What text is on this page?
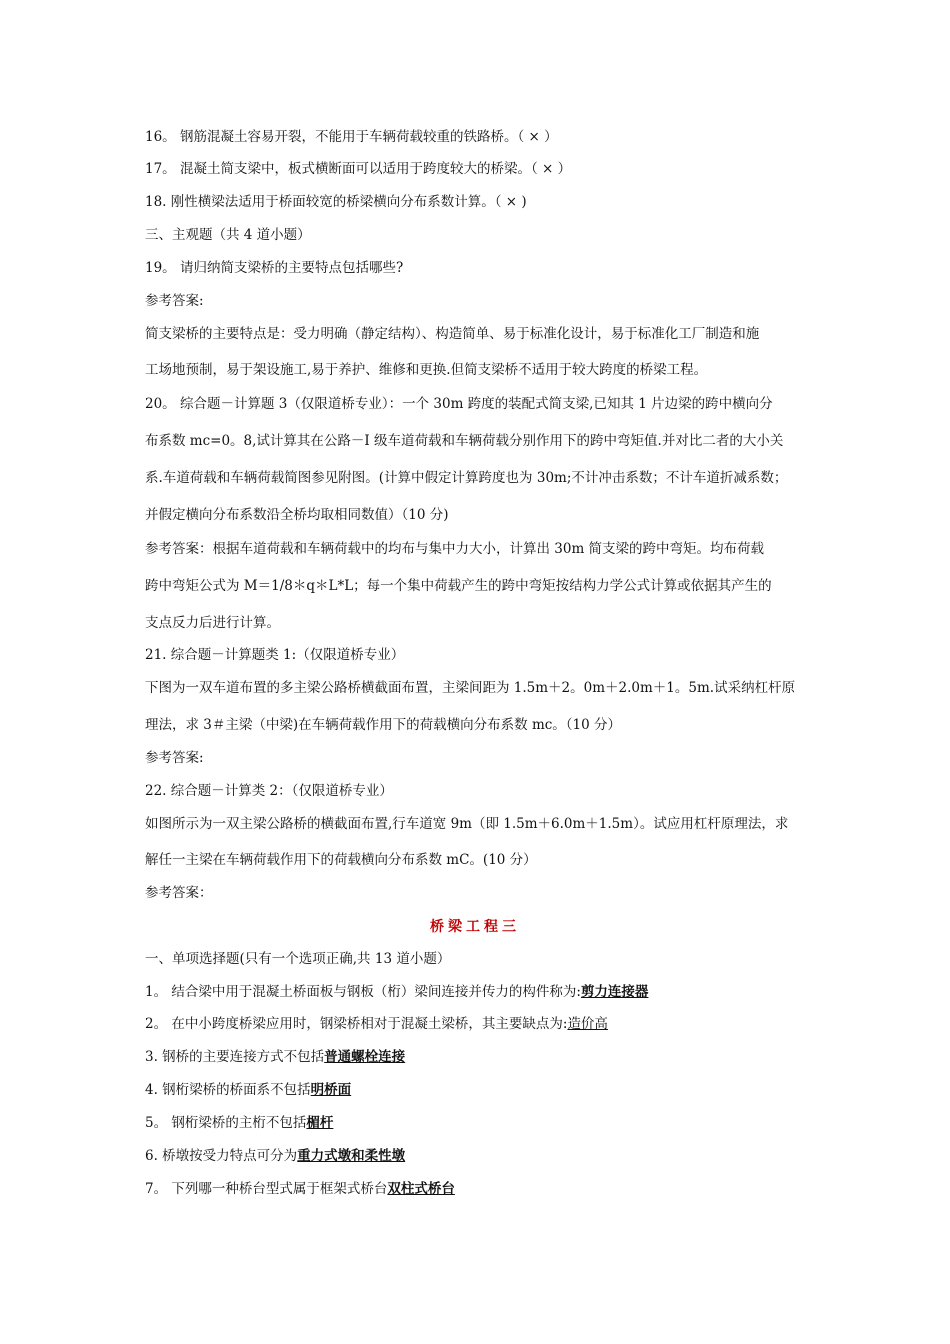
16。 钢筋混凝土容易开裂，不能用于车辆荷载较重的铁路桥。（ × ）
17。 混凝土简支梁中，板式横断面可以适用于跨度较大的桥梁。（ × ）
18. 刚性横梁法适用于桥面较宽的桥梁横向分布系数计算。（ × )
三、主观题（共 4 道小题）
19。 请归纳简支梁桥的主要特点包括哪些?
参考答案:
简支梁桥的主要特点是：受力明确（静定结构）、构造简单、易于标准化设计，易于标准化工厂制造和施
工场地预制，易于架设施工,易于养护、维修和更换.但简支梁桥不适用于较大跨度的桥梁工程。
20。 综合题－计算题 3（仅限道桥专业）：一个 30m 跨度的装配式简支梁,已知其 1 片边梁的跨中横向分
布系数 mc=0。8,试计算其在公路－I 级车道荷载和车辆荷载分别作用下的跨中弯矩值.并对比二者的大小关
系.车道荷载和车辆荷载简图参见附图。(计算中假定计算跨度也为 30m;不计冲击系数；不计车道折减系数；
并假定横向分布系数沿全桥均取相同数值）（10 分)
参考答案：根据车道荷载和车辆荷载中的均布与集中力大小，计算出 30m 简支梁的跨中弯矩。均布荷载
跨中弯矩公式为 M＝1/8＊q＊L*L；每一个集中荷载产生的跨中弯矩按结构力学公式计算或依据其产生的
支点反力后进行计算。
21. 综合题－计算题类 1:（仅限道桥专业）
下图为一双车道布置的多主梁公路桥横截面布置，主梁间距为 1.5m＋2。0m＋2.0m＋1。5m.试采纳杠杆原
理法，求 3＃主梁（中梁)在车辆荷载作用下的荷载横向分布系数 mc。（10 分）
参考答案:
22. 综合题－计算类 2：（仅限道桥专业）
如图所示为一双主梁公路桥的横截面布置,行车道宽 9m（即 1.5m＋6.0m＋1.5m）。试应用杠杆原理法，求
解任一主梁在车辆荷载作用下的荷载横向分布系数 mC。(10 分）
参考答案：
桥梁工程三
一、单项选择题(只有一个选项正确,共 13 道小题）
1。 结合梁中用于混凝土桥面板与钢板（桁）梁间连接并传力的构件称为:剪力连接器
2。 在中小跨度桥梁应用时，钢梁桥相对于混凝土梁桥，其主要缺点为:造价高
3. 钢桥的主要连接方式不包括普通螺栓连接
4. 钢桁梁桥的桥面系不包括明桥面
5。 钢桁梁桥的主桁不包括楣杆
6. 桥墩按受力特点可分为重力式墩和柔性墩
7。 下列哪一种桥台型式属于框架式桥台双柱式桥台
